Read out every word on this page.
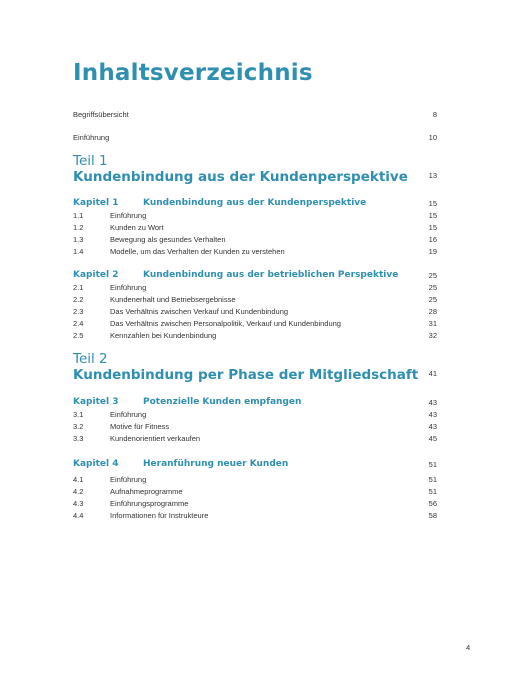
Inhaltsverzeichnis
Begriffsübersicht	8
Einführung	10
Teil 1
Kundenbindung aus der Kundenperspektive	13
Kapitel 1	Kundenbindung aus der Kundenperspektive	15
1.1	Einführung	15
1.2	Kunden zu Wort	15
1.3	Bewegung als gesundes Verhalten	16
1.4	Modelle, um das Verhalten der Kunden zu verstehen	19
Kapitel 2	Kundenbindung aus der betrieblichen Perspektive	25
2.1	Einführung	25
2.2	Kundenerhalt und Betriebsergebnisse	25
2.3	Das Verhältnis zwischen Verkauf und Kundenbindung	28
2.4	Das Verhältnis zwischen Personalpolitik, Verkauf und Kundenbindung	31
2.5	Kennzahlen bei Kundenbindung	32
Teil 2
Kundenbindung per Phase der Mitgliedschaft	41
Kapitel 3	Potenzielle Kunden empfangen	43
3.1	Einführung	43
3.2	Motive für Fitness	43
3.3	Kundenorientiert verkaufen	45
Kapitel 4	Heranführung neuer Kunden	51
4.1	Einführung	51
4.2	Aufnahmeprogramme	51
4.3	Einführungsprogramme	56
4.4	Informationen für Instrukteure	58
4
